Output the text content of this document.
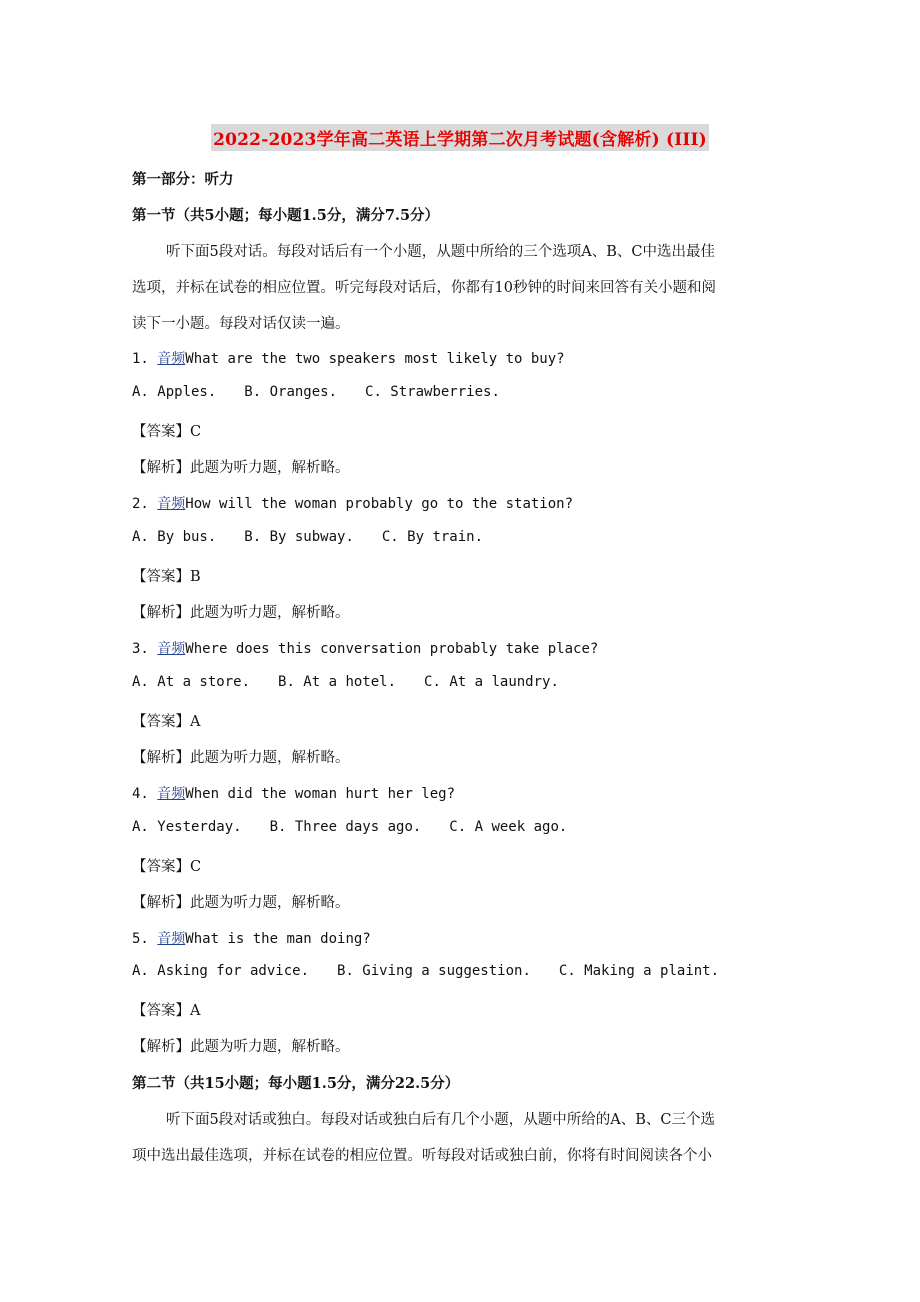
2022-2023学年高二英语上学期第二次月考试题(含解析) (III)
第一部分：听力
第一节（共5小题；每小题1.5分，满分7.5分）
听下面5段对话。每段对话后有一个小题，从题中所给的三个选项A、B、C中选出最佳
选项，并标在试卷的相应位置。听完每段对话后，你都有10秒钟的时间来回答有关小题和阅
读下一小题。每段对话仅读一遍。
1. 音频What are the two speakers most likely to buy?
A. Apples. B. Oranges. C. Strawberries.
【答案】C
【解析】此题为听力题，解析略。
2. 音频How will the woman probably go to the station?
A. By bus. B. By subway. C. By train.
【答案】B
【解析】此题为听力题，解析略。
3. 音频Where does this conversation probably take place?
A. At a store. B. At a hotel. C. At a laundry.
【答案】A
【解析】此题为听力题，解析略。
4. 音频When did the woman hurt her leg?
A. Yesterday. B. Three days ago. C. A week ago.
【答案】C
【解析】此题为听力题，解析略。
5. 音频What is the man doing?
A. Asking for advice. B. Giving a suggestion. C. Making a plaint.
【答案】A
【解析】此题为听力题，解析略。
第二节（共15小题；每小题1.5分，满分22.5分）
听下面5段对话或独白。每段对话或独白后有几个小题，从题中所给的A、B、C三个选
项中选出最佳选项，并标在试卷的相应位置。听每段对话或独白前，你将有时间阅读各个小
